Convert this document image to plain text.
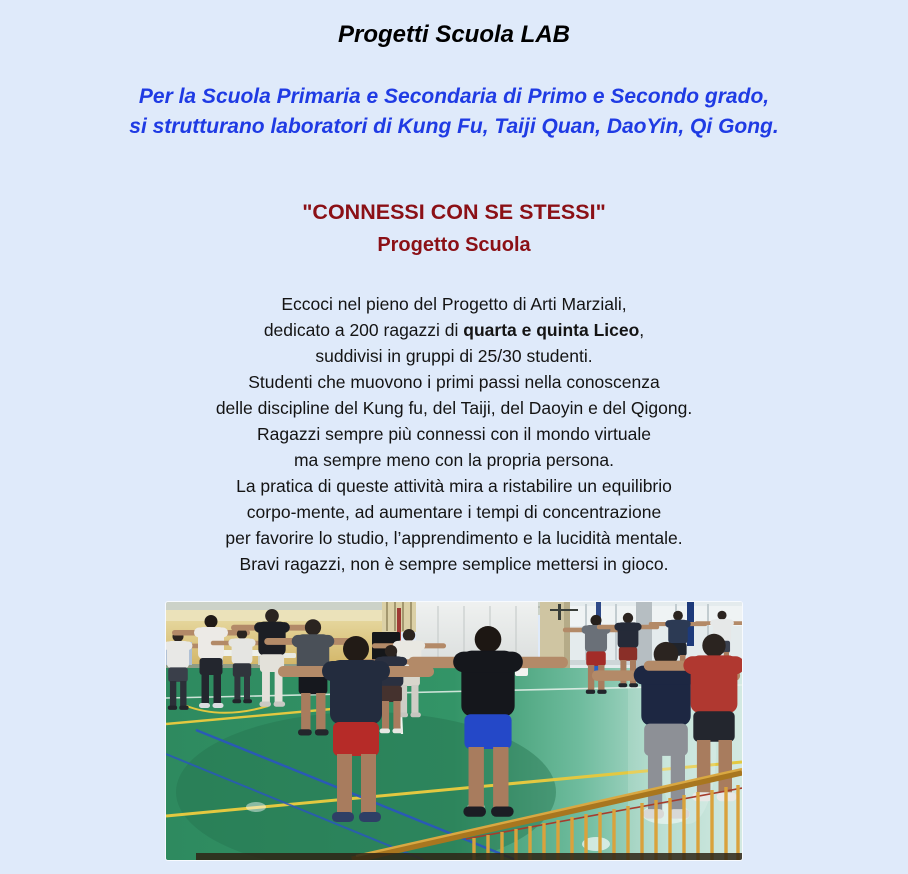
Progetti Scuola LAB
Per la Scuola Primaria e Secondaria di Primo e Secondo grado,
si strutturano laboratori di Kung Fu, Taiji Quan, DaoYin, Qi Gong.
"CONNESSI CON SE STESSI"
Progetto Scuola
Eccoci nel pieno del Progetto di Arti Marziali,
dedicato a 200 ragazzi di quarta e quinta Liceo,
suddivisi in gruppi di 25/30 studenti.
Studenti che muovono i primi passi nella conoscenza
delle discipline del Kung fu, del Taiji, del Daoyin e del Qigong.
Ragazzi sempre più connessi con il mondo virtuale
ma sempre meno con la propria persona.
La pratica di queste attività mira a ristabilire un equilibrio
corpo-mente, ad aumentare i tempi di concentrazione
per favorire lo studio, l’apprendimento e la lucidità mentale.
Bravi ragazzi, non è sempre semplice mettersi in gioco.
